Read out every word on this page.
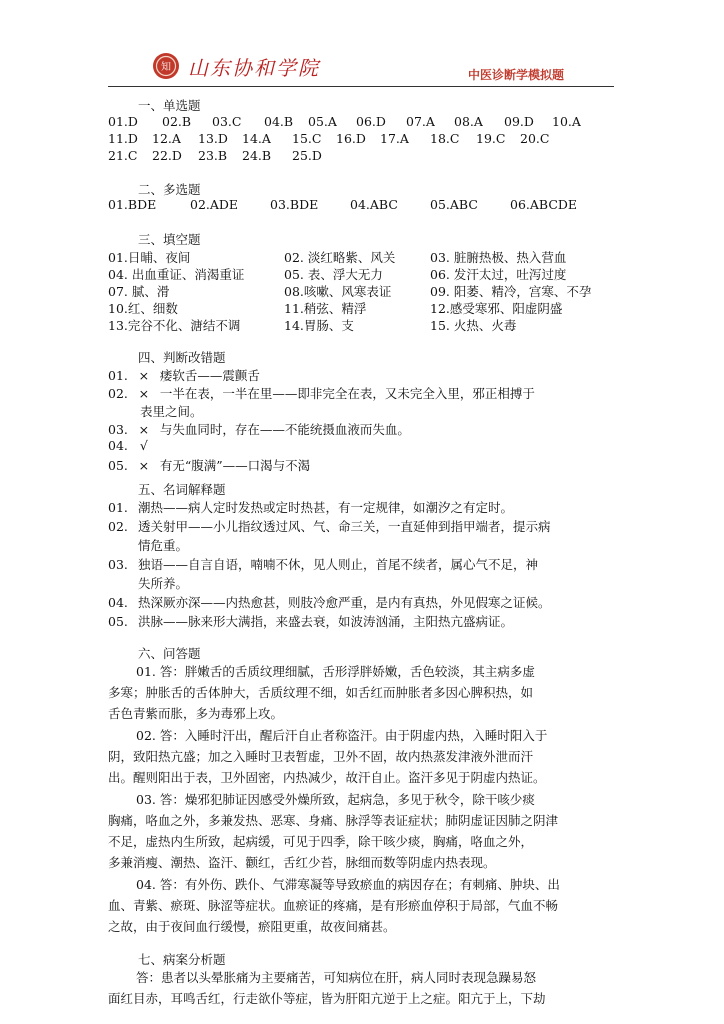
知 山东协和学院	中医诊断学模拟题
一、单选题
01.D 02.B 03.C 04.B 05.A 06.D 07.A 08.A 09.D 10.A
11.D 12.A 13.D 14.A 15.C 16.D 17.A 18.C 19.C 20.C
21.C 22.D 23.B 24.B 25.D
二、多选题
01.BDE	02.ADE	03.BDE	04.ABC	05.ABC	06.ABCDE
三、填空题
01.日晡、夜间	02. 淡红略紫、风关	03. 脏腑热极、热入营血
04. 出血重证、消渴重证	05. 表、浮大无力	06. 发汗太过，吐泻过度
07. 腻、滑	08.咳嗽、风寒表证	09. 阳萎、精冷，宫寒、不孕
10.红、细数	11.稍弦、精浮	12.感受寒邪、阳虚阴盛
13.完谷不化、溏结不调	14.胃肠、支	15. 火热、火毒
四、判断改错题
01. × 痿软舌——震颤舌
02. × 一半在表，一半在里——即非完全在表，又未完全入里，邪正相搏于
表里之间。
03. × 与失血同时，存在——不能统摄血液而失血。
04. √
05. × 有无“腹满”——口渴与不渴
五、名词解释题
01. 潮热——病人定时发热或定时热甚，有一定规律，如潮汐之有定时。
02. 透关射甲——小儿指纹透过风、气、命三关，一直延伸到指甲端者，提示病
情危重。
03. 独语——自言自语，喃喃不休，见人则止，首尾不续者，属心气不足，神
失所养。
04. 热深厥亦深——内热愈甚，则肢冷愈严重，是内有真热，外见假寒之证候。
05. 洪脉——脉来形大满指，来盛去衰，如波涛汹涌，主阳热亢盛病证。
六、问答题
01. 答：胖嫩舌的舌质纹理细腻，舌形浮胖娇嫩，舌色较淡，其主病多虚
多寒；肿胀舌的舌体肿大，舌质纹理不细，如舌红而肿胀者多因心脾积热，如
舌色青紫而胀，多为毒邪上攻。
02. 答：入睡时汗出，醒后汗自止者称盗汗。由于阴虚内热，入睡时阳入于
阴，致阳热亢盛；加之入睡时卫表暂虚，卫外不固，故内热蒸发津液外泄而汗
出。醒则阳出于表，卫外固密，内热减少，故汗自止。盗汗多见于阴虚内热证。
03. 答：燥邪犯肺证因感受外燥所致，起病急，多见于秋令，除干咳少痰
胸痛，咯血之外，多兼发热、恶寒、身痛、脉浮等表证症状；肺阴虚证因肺之阴津
不足，虚热内生所致，起病缓，可见于四季，除干咳少痰，胸痛，咯血之外，
多兼消瘦、潮热、盗汗、颧红，舌红少苔，脉细而数等阴虚内热表现。
04. 答：有外伤、跌仆、气滞寒凝等导致瘀血的病因存在；有刺痛、肿块、出
血、青紫、瘀斑、脉涩等症状。血瘀证的疼痛，是有形瘀血停积于局部，气血不畅
之故，由于夜间血行缓慢，瘀阻更重，故夜间痛甚。
七、病案分析题
答：患者以头晕胀痛为主要痛苦，可知病位在肝，病人同时表现急躁易怒
面红目赤，耳鸣舌红，行走欲仆等症，皆为肝阳亢逆于上之症。阳亢于上，下劫
